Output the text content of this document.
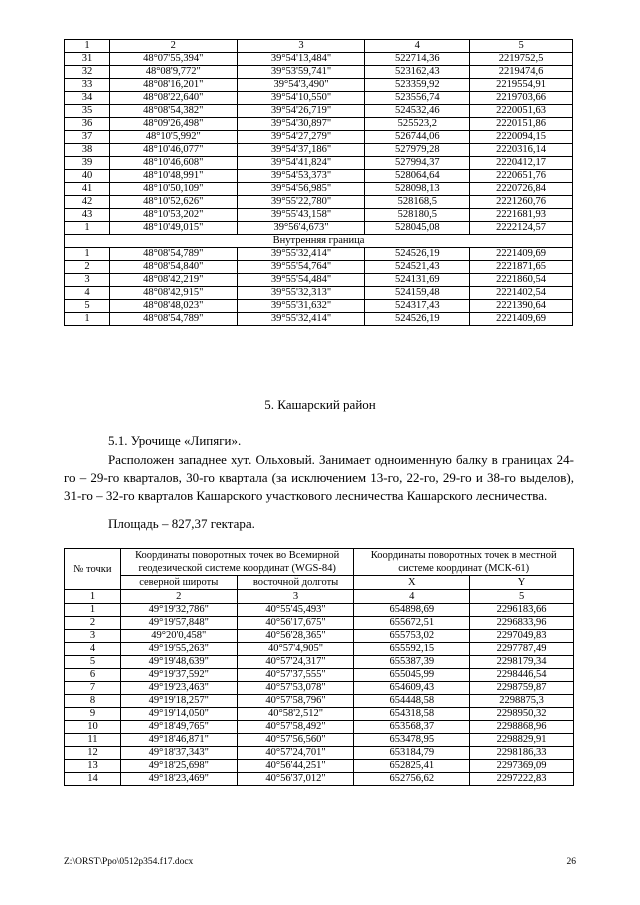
1	2	3	4	5
31	48°07'55,394"	39°54'13,484"	522714,36	2219752,5
32	48°08'9,772"	39°53'59,741"	523162,43	2219474,6
33	48°08'16,201"	39°54'3,490"	523359,92	2219554,91
34	48°08'22,640"	39°54'10,550"	523556,74	2219703,66
35	48°08'54,382"	39°54'26,719"	524532,46	2220051,63
36	48°09'26,498"	39°54'30,897"	525523,2	2220151,86
37	48°10'5,992"	39°54'27,279"	526744,06	2220094,15
38	48°10'46,077"	39°54'37,186"	527979,28	2220316,14
39	48°10'46,608"	39°54'41,824"	527994,37	2220412,17
40	48°10'48,991"	39°54'53,373"	528064,64	2220651,76
41	48°10'50,109"	39°54'56,985"	528098,13	2220726,84
42	48°10'52,626"	39°55'22,780"	528168,5	2221260,76
43	48°10'53,202"	39°55'43,158"	528180,5	2221681,93
1	48°10'49,015"	39°56'4,673"	528045,08	2222124,57
Внутренняя граница				
1	48°08'54,789"	39°55'32,414"	524526,19	2221409,69
2	48°08'54,840"	39°55'54,764"	524521,43	2221871,65
3	48°08'42,219"	39°55'54,484"	524131,69	2221860,54
4	48°08'42,915"	39°55'32,313"	524159,48	2221402,54
5	48°08'48,023"	39°55'31,632"	524317,43	2221390,64
1	48°08'54,789"	39°55'32,414"	524526,19	2221409,69
5. Кашарский район
5.1. Урочище «Липяги».
Расположен западнее хут. Ольховый. Занимает одноименную балку в границах 24-го – 29-го кварталов, 30-го квартала (за исключением 13-го, 22-го, 29-го и 38-го выделов), 31-го – 32-го кварталов Кашарского участкового лесничества Кашарского лесничества.
Площадь – 827,37 гектара.
№ точки	Координаты поворотных точек во Всемирной геодезической системе координат (WGS-84)		Координаты поворотных точек в местной системе координат (МСК-61)	
	северной широты	восточной долготы	X	Y
1	2	3	4	5
1	49°19'32,786"	40°55'45,493"	654898,69	2296183,66
2	49°19'57,848"	40°56'17,675"	655672,51	2296833,96
3	49°20'0,458"	40°56'28,365"	655753,02	2297049,83
4	49°19'55,263"	40°57'4,905"	655592,15	2297787,49
5	49°19'48,639"	40°57'24,317"	655387,39	2298179,34
6	49°19'37,592"	40°57'37,555"	655045,99	2298446,54
7	49°19'23,463"	40°57'53,078"	654609,43	2298759,87
8	49°19'18,257"	40°57'58,796"	654448,58	2298875,3
9	49°19'14,050"	40°58'2,512"	654318,58	2298950,32
10	49°18'49,765"	40°57'58,492"	653568,37	2298868,96
11	49°18'46,871"	40°57'56,560"	653478,95	2298829,91
12	49°18'37,343"	40°57'24,701"	653184,79	2298186,33
13	49°18'25,698"	40°56'44,251"	652825,41	2297369,09
14	49°18'23,469"	40°56'37,012"	652756,62	2297222,83
Z:\ORST\Ppo\0512p354.f17.docx	26
